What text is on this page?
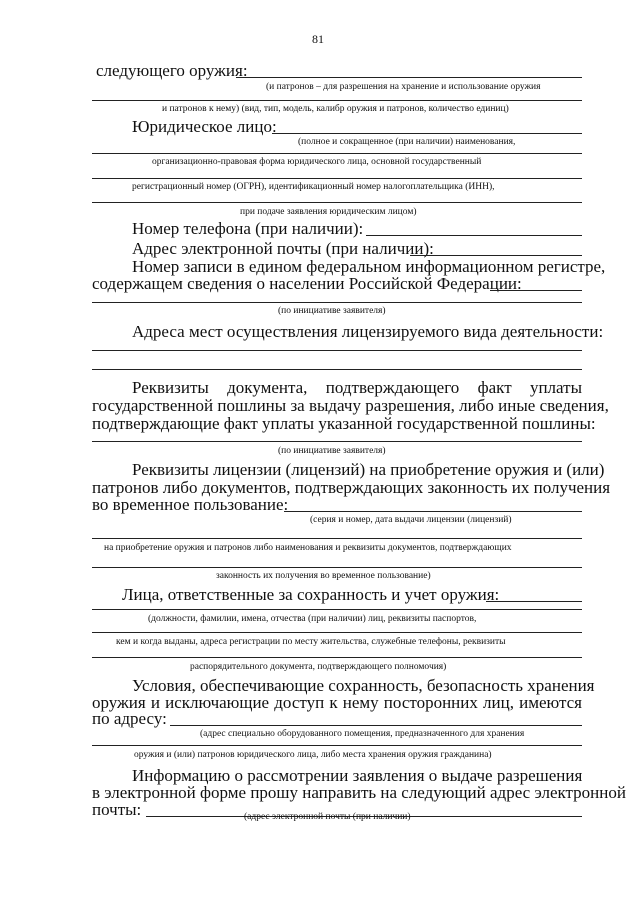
81
следующего оружия:
(и патронов – для разрешения на хранение и использование оружия
и патронов к нему) (вид, тип, модель, калибр оружия и патронов, количество единиц)
Юридическое лицо:
(полное и сокращенное (при наличии) наименования,
организационно-правовая форма юридического лица, основной государственный
регистрационный номер (ОГРН), идентификационный номер налогоплательщика (ИНН),
при подаче заявления юридическим лицом)
Номер телефона (при наличии):
Адрес электронной почты (при наличии):
Номер записи в едином федеральном информационном регистре,
содержащем сведения о населении Российской Федерации:
(по инициативе заявителя)
Адреса мест осуществления лицензируемого вида деятельности:
Реквизиты документа, подтверждающего факт уплаты
государственной пошлины за выдачу разрешения, либо иные сведения,
подтверждающие факт уплаты указанной государственной пошлины:
(по инициативе заявителя)
Реквизиты лицензии (лицензий) на приобретение оружия и (или)
патронов либо документов, подтверждающих законность их получения
во временное пользование:
(серия и номер, дата выдачи лицензии (лицензий)
на приобретение оружия и патронов либо наименования и реквизиты документов, подтверждающих
законность их получения во временное пользование)
Лица, ответственные за сохранность и учет оружия:
(должности, фамилии, имена, отчества (при наличии) лиц, реквизиты паспортов,
кем и когда выданы, адреса регистрации по месту жительства, служебные телефоны, реквизиты
распорядительного документа, подтверждающего полномочия)
Условия, обеспечивающие сохранность, безопасность хранения
оружия и исключающие доступ к нему посторонних лиц, имеются
по адресу:
(адрес специально оборудованного помещения, предназначенного для хранения
оружия и (или) патронов юридического лица, либо места хранения оружия гражданина)
Информацию о рассмотрении заявления о выдаче разрешения
в электронной форме прошу направить на следующий адрес электронной
почты:	(адрес электронной почты (при наличии)
